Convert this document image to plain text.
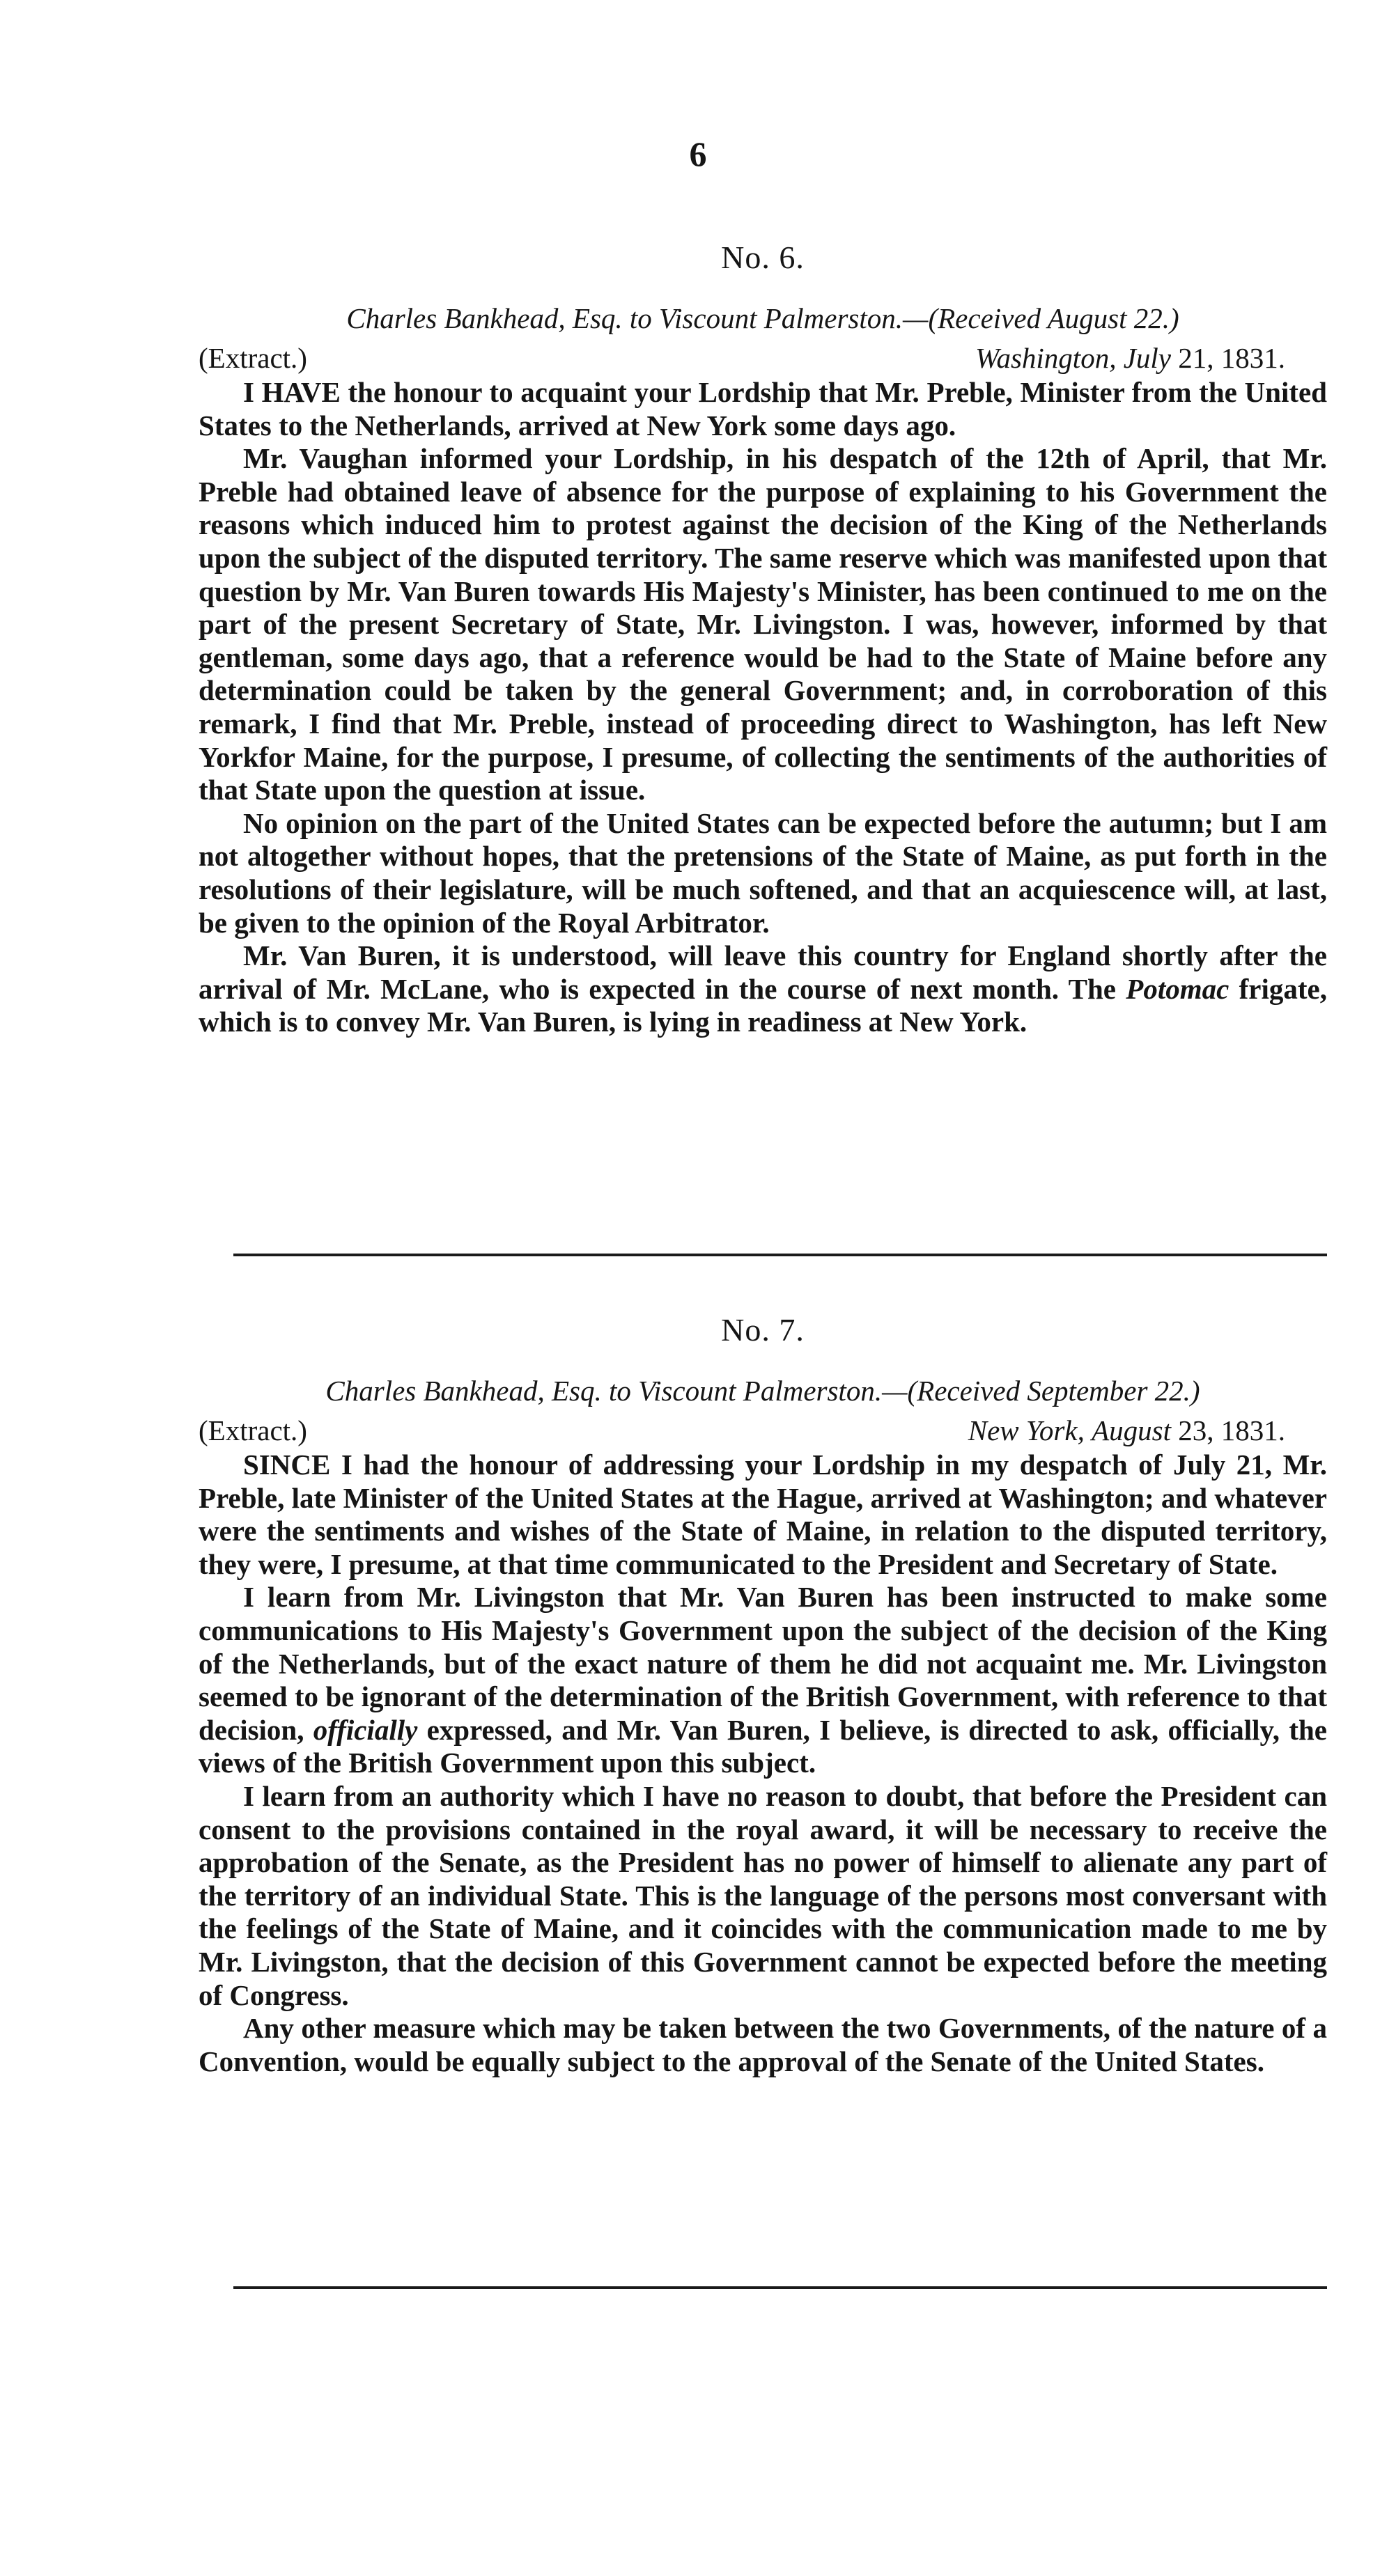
6
No. 6.

Charles Bankhead, Esq. to Viscount Palmerston.—(Received August 22.)

(Extract.)	Washington, July 21, 1831.

I HAVE the honour to acquaint your Lordship that Mr. Preble, Minister from the United States to the Netherlands, arrived at New York some days ago.

Mr. Vaughan informed your Lordship, in his despatch of the 12th of April, that Mr. Preble had obtained leave of absence for the purpose of explaining to his Government the reasons which induced him to protest against the decision of the King of the Netherlands upon the subject of the disputed territory. The same reserve which was manifested upon that question by Mr. Van Buren towards His Majesty's Minister, has been continued to me on the part of the present Secretary of State, Mr. Livingston. I was, however, informed by that gentleman, some days ago, that a reference would be had to the State of Maine before any determination could be taken by the general Government; and, in corroboration of this remark, I find that Mr. Preble, instead of proceeding direct to Washington, has left New Yorkfor Maine, for the purpose, I presume, of collecting the sentiments of the authorities of that State upon the question at issue.

No opinion on the part of the United States can be expected before the autumn; but I am not altogether without hopes, that the pretensions of the State of Maine, as put forth in the resolutions of their legislature, will be much softened, and that an acquiescence will, at last, be given to the opinion of the Royal Arbitrator.

Mr. Van Buren, it is understood, will leave this country for England shortly after the arrival of Mr. McLane, who is expected in the course of next month. The Potomac frigate, which is to convey Mr. Van Buren, is lying in readiness at New York.

No. 7.

Charles Bankhead, Esq. to Viscount Palmerston.—(Received September 22.)

(Extract.)	New York, August 23, 1831.

SINCE I had the honour of addressing your Lordship in my despatch of July 21, Mr. Preble, late Minister of the United States at the Hague, arrived at Washington; and whatever were the sentiments and wishes of the State of Maine, in relation to the disputed territory, they were, I presume, at that time communicated to the President and Secretary of State.

I learn from Mr. Livingston that Mr. Van Buren has been instructed to make some communications to His Majesty's Government upon the subject of the decision of the King of the Netherlands, but of the exact nature of them he did not acquaint me. Mr. Livingston seemed to be ignorant of the determination of the British Government, with reference to that decision, officially expressed, and Mr. Van Buren, I believe, is directed to ask, officially, the views of the British Government upon this subject.

I learn from an authority which I have no reason to doubt, that before the President can consent to the provisions contained in the royal award, it will be necessary to receive the approbation of the Senate, as the President has no power of himself to alienate any part of the territory of an individual State. This is the language of the persons most conversant with the feelings of the State of Maine, and it coincides with the communication made to me by Mr. Livingston, that the decision of this Government cannot be expected before the meeting of Congress.

Any other measure which may be taken between the two Governments, of the nature of a Convention, would be equally subject to the approval of the Senate of the United States.
